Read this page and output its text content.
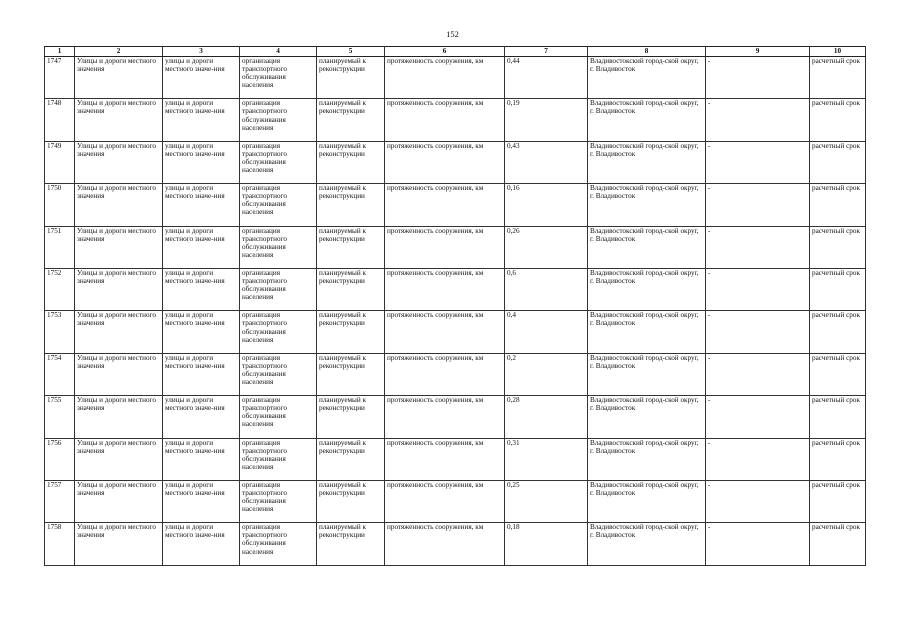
152
1	2	3	4	5	6	7	8	9	10
1747	Улицы и дороги местного значения	улицы и дороги местного значе-ния	организация транспортного обслуживания населения	планируемый к реконструкции	протяженность сооружения, км	0,44	Владивостокский город-ской округ, г. Владивосток	-	расчетный срок
1748	Улицы и дороги местного значения	улицы и дороги местного значе-ния	организация транспортного обслуживания населения	планируемый к реконструкции	протяженность сооружения, км	0,19	Владивостокский город-ской округ, г. Владивосток	-	расчетный срок
1749	Улицы и дороги местного значения	улицы и дороги местного значе-ния	организация транспортного обслуживания населения	планируемый к реконструкции	протяженность сооружения, км	0,43	Владивостокский город-ской округ, г. Владивосток	-	расчетный срок
1750	Улицы и дороги местного значения	улицы и дороги местного значе-ния	организация транспортного обслуживания населения	планируемый к реконструкции	протяженность сооружения, км	0,16	Владивостокский город-ской округ, г. Владивосток	-	расчетный срок
1751	Улицы и дороги местного значения	улицы и дороги местного значе-ния	организация транспортного обслуживания населения	планируемый к реконструкции	протяженность сооружения, км	0,26	Владивостокский город-ской округ, г. Владивосток	-	расчетный срок
1752	Улицы и дороги местного значения	улицы и дороги местного значе-ния	организация транспортного обслуживания населения	планируемый к реконструкции	протяженность сооружения, км	0,6	Владивостокский город-ской округ, г. Владивосток	-	расчетный срок
1753	Улицы и дороги местного значения	улицы и дороги местного значе-ния	организация транспортного обслуживания населения	планируемый к реконструкции	протяженность сооружения, км	0,4	Владивостокский город-ской округ, г. Владивосток	-	расчетный срок
1754	Улицы и дороги местного значения	улицы и дороги местного значе-ния	организация транспортного обслуживания населения	планируемый к реконструкции	протяженность сооружения, км	0,2	Владивостокский город-ской округ, г. Владивосток	-	расчетный срок
1755	Улицы и дороги местного значения	улицы и дороги местного значе-ния	организация транспортного обслуживания населения	планируемый к реконструкции	протяженность сооружения, км	0,28	Владивостокский город-ской округ, г. Владивосток	-	расчетный срок
1756	Улицы и дороги местного значения	улицы и дороги местного значе-ния	организация транспортного обслуживания населения	планируемый к реконструкции	протяженность сооружения, км	0,31	Владивостокский город-ской округ, г. Владивосток	-	расчетный срок
1757	Улицы и дороги местного значения	улицы и дороги местного значе-ния	организация транспортного обслуживания населения	планируемый к реконструкции	протяженность сооружения, км	0,25	Владивостокский город-ской округ, г. Владивосток	-	расчетный срок
1758	Улицы и дороги местного значения	улицы и дороги местного значе-ния	организация транспортного обслуживания населения	планируемый к реконструкции	протяженность сооружения, км	0,18	Владивостокский город-ской округ, г. Владивосток	-	расчетный срок
